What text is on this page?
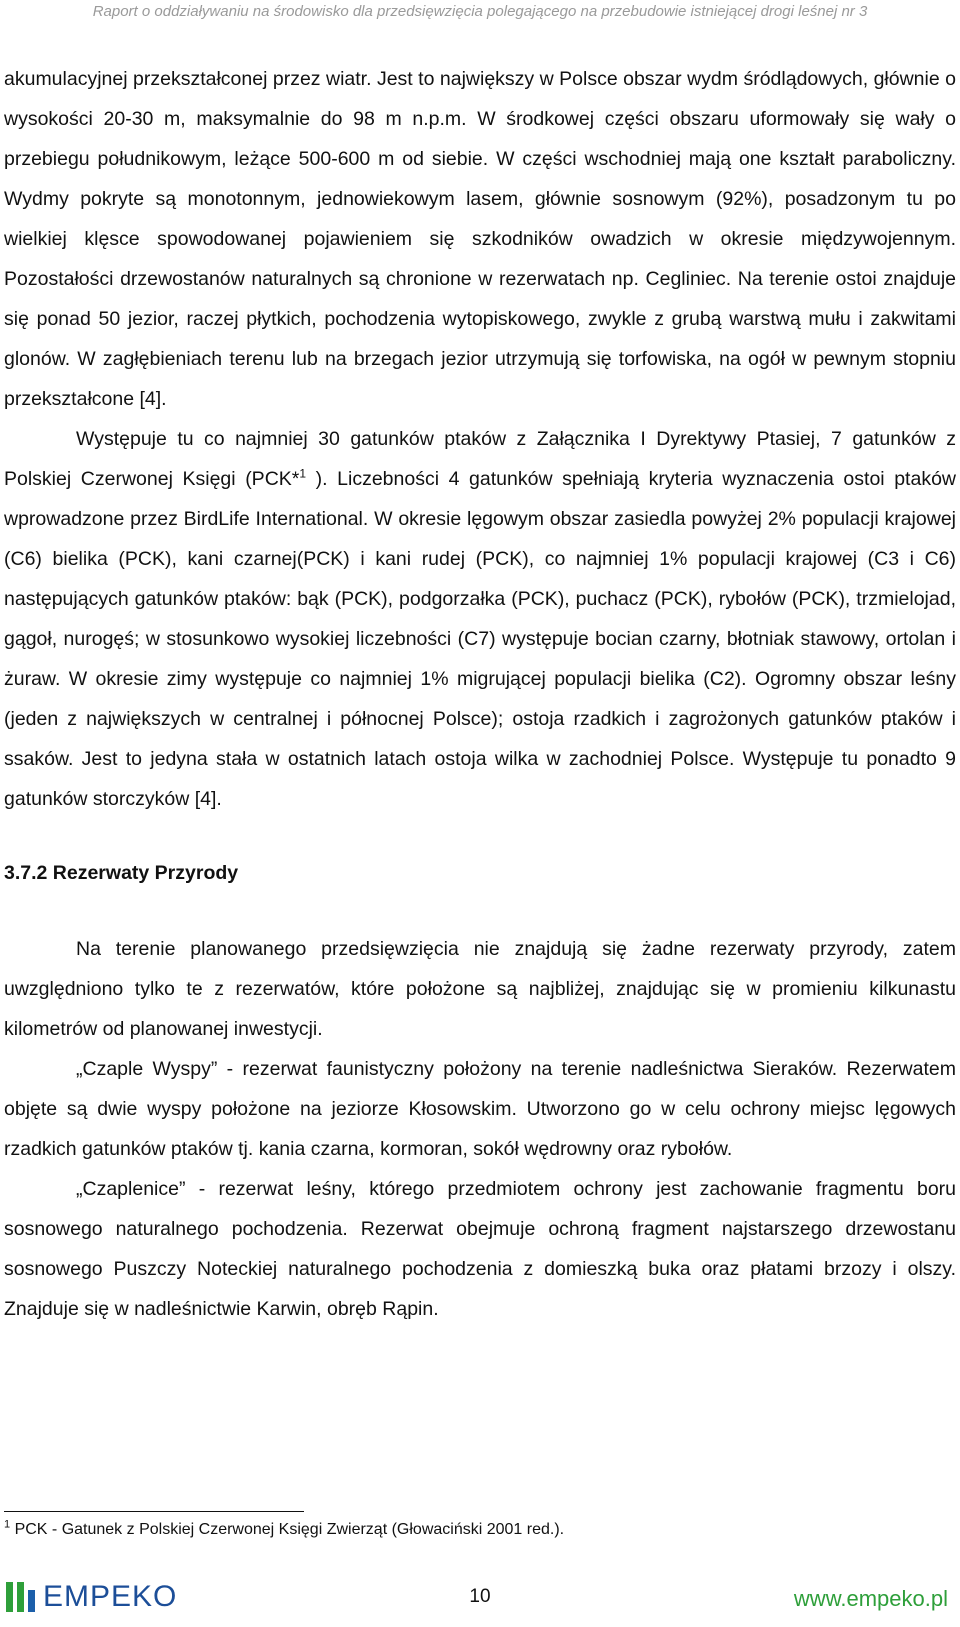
Raport o oddziaływaniu na środowisko dla przedsięwzięcia polegającego na przebudowie istniejącej drogi leśnej nr 3

akumulacyjnej przekształconej przez wiatr. Jest to największy w Polsce obszar wydm śródlądowych, głównie o wysokości 20-30 m, maksymalnie do 98 m n.p.m. W środkowej części obszaru uformowały się wały o przebiegu południkowym, leżące 500-600 m od siebie. W części wschodniej mają one kształt paraboliczny. Wydmy pokryte są monotonnym, jednowiekowym lasem, głównie sosnowym (92%), posadzonym tu po wielkiej klęsce spowodowanej pojawieniem się szkodników owadzich w okresie międzywojennym. Pozostałości drzewostanów naturalnych są chronione w rezerwatach np. Cegliniec. Na terenie ostoi znajduje się ponad 50 jezior, raczej płytkich, pochodzenia wytopiskowego, zwykle z grubą warstwą mułu i zakwitami glonów. W zagłębieniach terenu lub na brzegach jezior utrzymują się torfowiska, na ogół w pewnym stopniu przekształcone [4].

Występuje tu co najmniej 30 gatunków ptaków z Załącznika I Dyrektywy Ptasiej, 7 gatunków z Polskiej Czerwonej Księgi (PCK*$^1$ ). Liczebności 4 gatunków spełniają kryteria wyznaczenia ostoi ptaków wprowadzone przez BirdLife International. W okresie lęgowym obszar zasiedla powyżej 2% populacji krajowej (C6) bielika (PCK), kani czarnej(PCK) i kani rudej (PCK), co najmniej 1% populacji krajowej (C3 i C6) następujących gatunków ptaków: bąk (PCK), podgorzałka (PCK), puchacz (PCK), rybołów (PCK), trzmielojad, gągoł, nurogęś; w stosunkowo wysokiej liczebności (C7) występuje bocian czarny, błotniak stawowy, ortolan i żuraw. W okresie zimy występuje co najmniej 1% migrującej populacji bielika (C2). Ogromny obszar leśny (jeden z największych w centralnej i północnej Polsce); ostoja rzadkich i zagrożonych gatunków ptaków i ssaków. Jest to jedyna stała w ostatnich latach ostoja wilka w zachodniej Polsce. Występuje tu ponadto 9 gatunków storczyków [4].

3.7.2 Rezerwaty Przyrody

Na terenie planowanego przedsięwzięcia nie znajdują się żadne rezerwaty przyrody, zatem uwzględniono tylko te z rezerwatów, które położone są najbliżej, znajdując się w promieniu kilkunastu kilometrów od planowanej inwestycji.

„Czaple Wyspy” - rezerwat faunistyczny położony na terenie nadleśnictwa Sieraków. Rezerwatem objęte są dwie wyspy położone na jeziorze Kłosowskim. Utworzono go w celu ochrony miejsc lęgowych rzadkich gatunków ptaków tj. kania czarna, kormoran, sokół wędrowny oraz rybołów.

„Czaplenice” - rezerwat leśny, którego przedmiotem ochrony jest zachowanie fragmentu boru sosnowego naturalnego pochodzenia. Rezerwat obejmuje ochroną fragment najstarszego drzewostanu sosnowego Puszczy Noteckiej naturalnego pochodzenia z domieszką buka oraz płatami brzozy i olszy. Znajduje się w nadleśnictwie Karwin, obręb Rąpin.

$^1$ PCK - Gatunek z Polskiej Czerwonej Księgi Zwierząt (Głowaciński 2001 red.).
EMPEKO	10	www.empeko.pl
